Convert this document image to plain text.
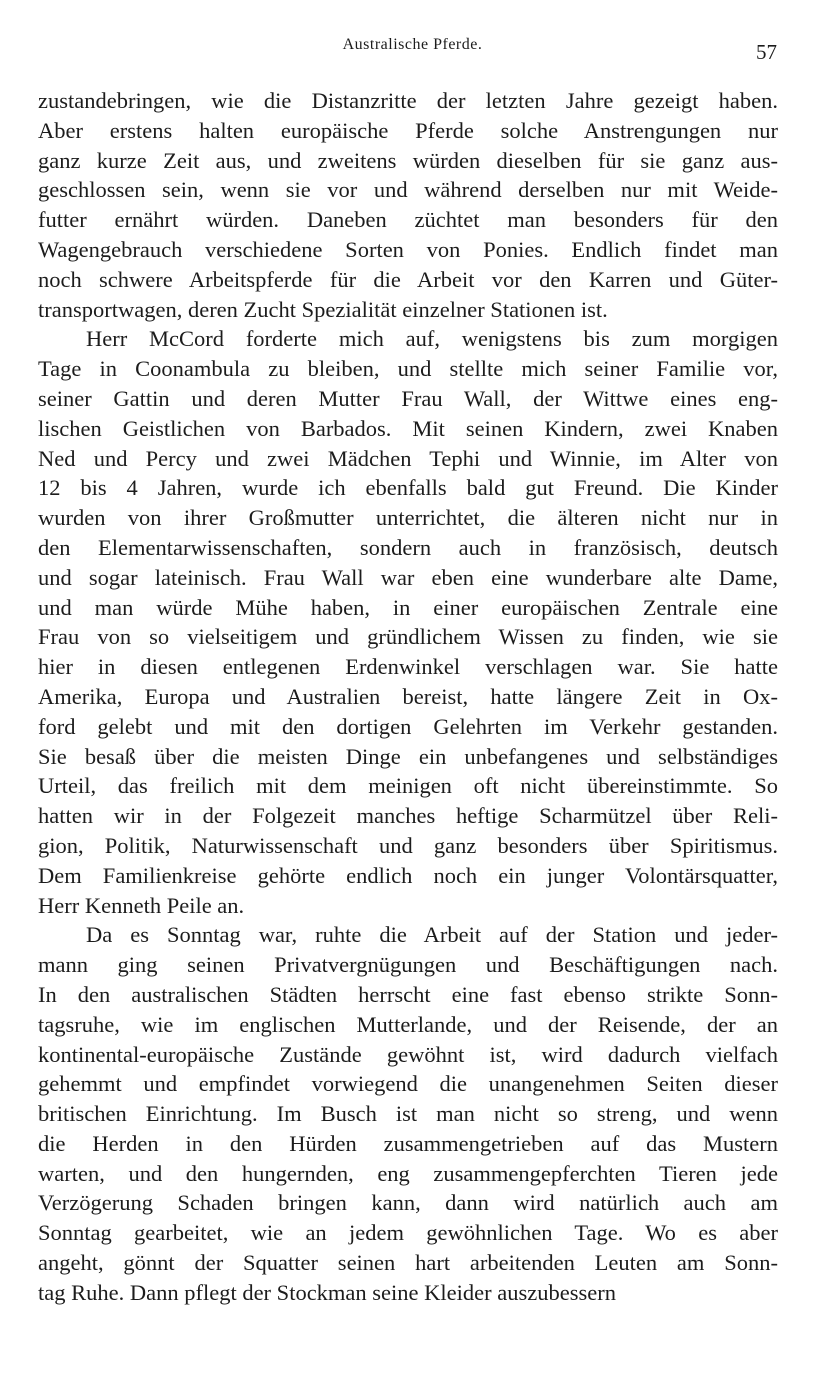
Australische Pferde.	57
zustandebringen, wie die Distanzritte der letzten Jahre gezeigt haben.
Aber erstens halten europäische Pferde solche Anstrengungen nur
ganz kurze Zeit aus, und zweitens würden dieselben für sie ganz aus-
geschlossen sein, wenn sie vor und während derselben nur mit Weide-
futter ernährt würden. Daneben züchtet man besonders für den
Wagengebrauch verschiedene Sorten von Ponies. Endlich findet man
noch schwere Arbeitspferde für die Arbeit vor den Karren und Güter-
transportwagen, deren Zucht Spezialität einzelner Stationen ist.
Herr McCord forderte mich auf, wenigstens bis zum morgigen
Tage in Coonambula zu bleiben, und stellte mich seiner Familie vor,
seiner Gattin und deren Mutter Frau Wall, der Wittwe eines eng-
lischen Geistlichen von Barbados. Mit seinen Kindern, zwei Knaben
Ned und Percy und zwei Mädchen Tephi und Winnie, im Alter von
12 bis 4 Jahren, wurde ich ebenfalls bald gut Freund. Die Kinder
wurden von ihrer Großmutter unterrichtet, die älteren nicht nur in
den Elementarwissenschaften, sondern auch in französisch, deutsch
und sogar lateinisch. Frau Wall war eben eine wunderbare alte Dame,
und man würde Mühe haben, in einer europäischen Zentrale eine
Frau von so vielseitigem und gründlichem Wissen zu finden, wie sie
hier in diesen entlegenen Erdenwinkel verschlagen war. Sie hatte
Amerika, Europa und Australien bereist, hatte längere Zeit in Ox-
ford gelebt und mit den dortigen Gelehrten im Verkehr gestanden.
Sie besaß über die meisten Dinge ein unbefangenes und selbständiges
Urteil, das freilich mit dem meinigen oft nicht übereinstimmte. So
hatten wir in der Folgezeit manches heftige Scharmützel über Reli-
gion, Politik, Naturwissenschaft und ganz besonders über Spiritismus.
Dem Familienkreise gehörte endlich noch ein junger Volontärsquatter,
Herr Kenneth Peile an.
Da es Sonntag war, ruhte die Arbeit auf der Station und jeder-
mann ging seinen Privatvergnügungen und Beschäftigungen nach.
In den australischen Städten herrscht eine fast ebenso strikte Sonn-
tagsruhe, wie im englischen Mutterlande, und der Reisende, der an
kontinental-europäische Zustände gewöhnt ist, wird dadurch vielfach
gehemmt und empfindet vorwiegend die unangenehmen Seiten dieser
britischen Einrichtung. Im Busch ist man nicht so streng, und wenn
die Herden in den Hürden zusammengetrieben auf das Mustern
warten, und den hungernden, eng zusammengepferchten Tieren jede
Verzögerung Schaden bringen kann, dann wird natürlich auch am
Sonntag gearbeitet, wie an jedem gewöhnlichen Tage. Wo es aber
angeht, gönnt der Squatter seinen hart arbeitenden Leuten am Sonn-
tag Ruhe. Dann pflegt der Stockman seine Kleider auszubessern
